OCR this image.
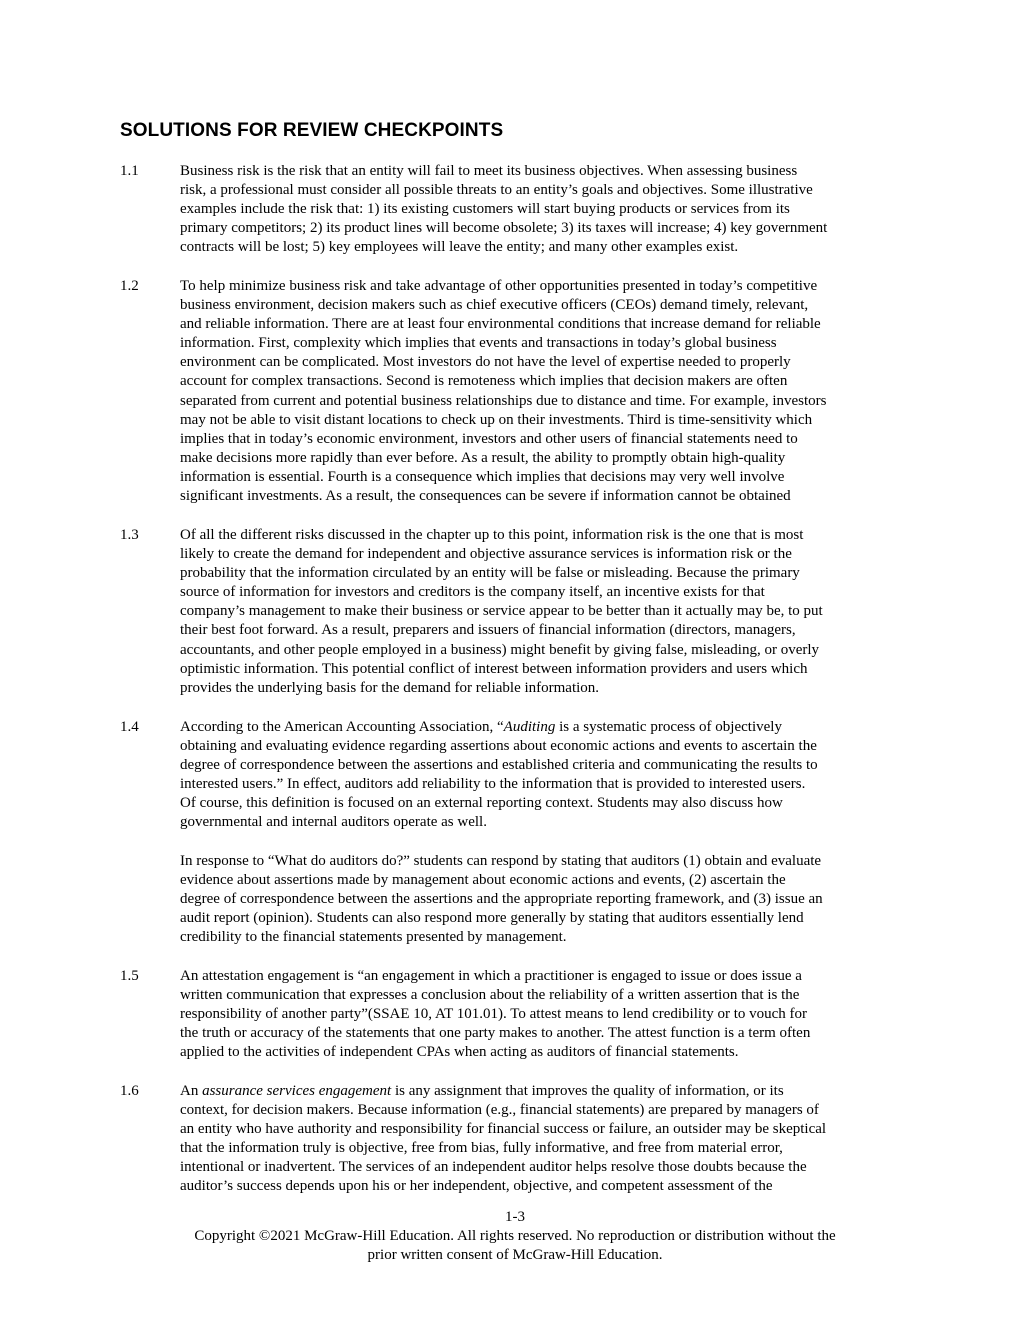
SOLUTIONS FOR REVIEW CHECKPOINTS
1.1	Business risk is the risk that an entity will fail to meet its business objectives. When assessing business

risk, a professional must consider all possible threats to an entity’s goals and objectives. Some illustrative

examples include the risk that: 1) its existing customers will start buying products or services from its

primary competitors; 2) its product lines will become obsolete; 3) its taxes will increase; 4) key government

contracts will be lost; 5) key employees will leave the entity; and many other examples exist.

1.2	To help minimize business risk and take advantage of other opportunities presented in today’s competitive

business environment, decision makers such as chief executive officers (CEOs) demand timely, relevant,

and reliable information. There are at least four environmental conditions that increase demand for reliable

information. First, complexity which implies that events and transactions in today’s global business

environment can be complicated. Most investors do not have the level of expertise needed to properly

account for complex transactions. Second is remoteness which implies that decision makers are often

separated from current and potential business relationships due to distance and time. For example, investors

may not be able to visit distant locations to check up on their investments. Third is time-sensitivity which

implies that in today’s economic environment, investors and other users of financial statements need to

make decisions more rapidly than ever before. As a result, the ability to promptly obtain high-quality

information is essential. Fourth is a consequence which implies that decisions may very well involve

significant investments. As a result, the consequences can be severe if information cannot be obtained

1.3	Of all the different risks discussed in the chapter up to this point, information risk is the one that is most

likely to create the demand for independent and objective assurance services is information risk or the

probability that the information circulated by an entity will be false or misleading. Because the primary

source of information for investors and creditors is the company itself, an incentive exists for that

company’s management to make their business or service appear to be better than it actually may be, to put

their best foot forward. As a result, preparers and issuers of financial information (directors, managers,

accountants, and other people employed in a business) might benefit by giving false, misleading, or overly

optimistic information. This potential conflict of interest between information providers and users which

provides the underlying basis for the demand for reliable information.

1.4	According to the American Accounting Association, “Auditing is a systematic process of objectively

obtaining and evaluating evidence regarding assertions about economic actions and events to ascertain the

degree of correspondence between the assertions and established criteria and communicating the results to

interested users.” In effect, auditors add reliability to the information that is provided to interested users.

Of course, this definition is focused on an external reporting context. Students may also discuss how

governmental and internal auditors operate as well.

In response to “What do auditors do?” students can respond by stating that auditors (1) obtain and evaluate

evidence about assertions made by management about economic actions and events, (2) ascertain the

degree of correspondence between the assertions and the appropriate reporting framework, and (3) issue an

audit report (opinion). Students can also respond more generally by stating that auditors essentially lend

credibility to the financial statements presented by management.

1.5	An attestation engagement is “an engagement in which a practitioner is engaged to issue or does issue a

written communication that expresses a conclusion about the reliability of a written assertion that is the

responsibility of another party”(SSAE 10, AT 101.01). To attest means to lend credibility or to vouch for

the truth or accuracy of the statements that one party makes to another. The attest function is a term often

applied to the activities of independent CPAs when acting as auditors of financial statements.

1.6	An assurance services engagement is any assignment that improves the quality of information, or its

context, for decision makers. Because information (e.g., financial statements) are prepared by managers of

an entity who have authority and responsibility for financial success or failure, an outsider may be skeptical

that the information truly is objective, free from bias, fully informative, and free from material error,

intentional or inadvertent. The services of an independent auditor helps resolve those doubts because the

auditor’s success depends upon his or her independent, objective, and competent assessment of the

1-3
Copyright ©2021 McGraw-Hill Education. All rights reserved. No reproduction or distribution without the
prior written consent of McGraw-Hill Education.
